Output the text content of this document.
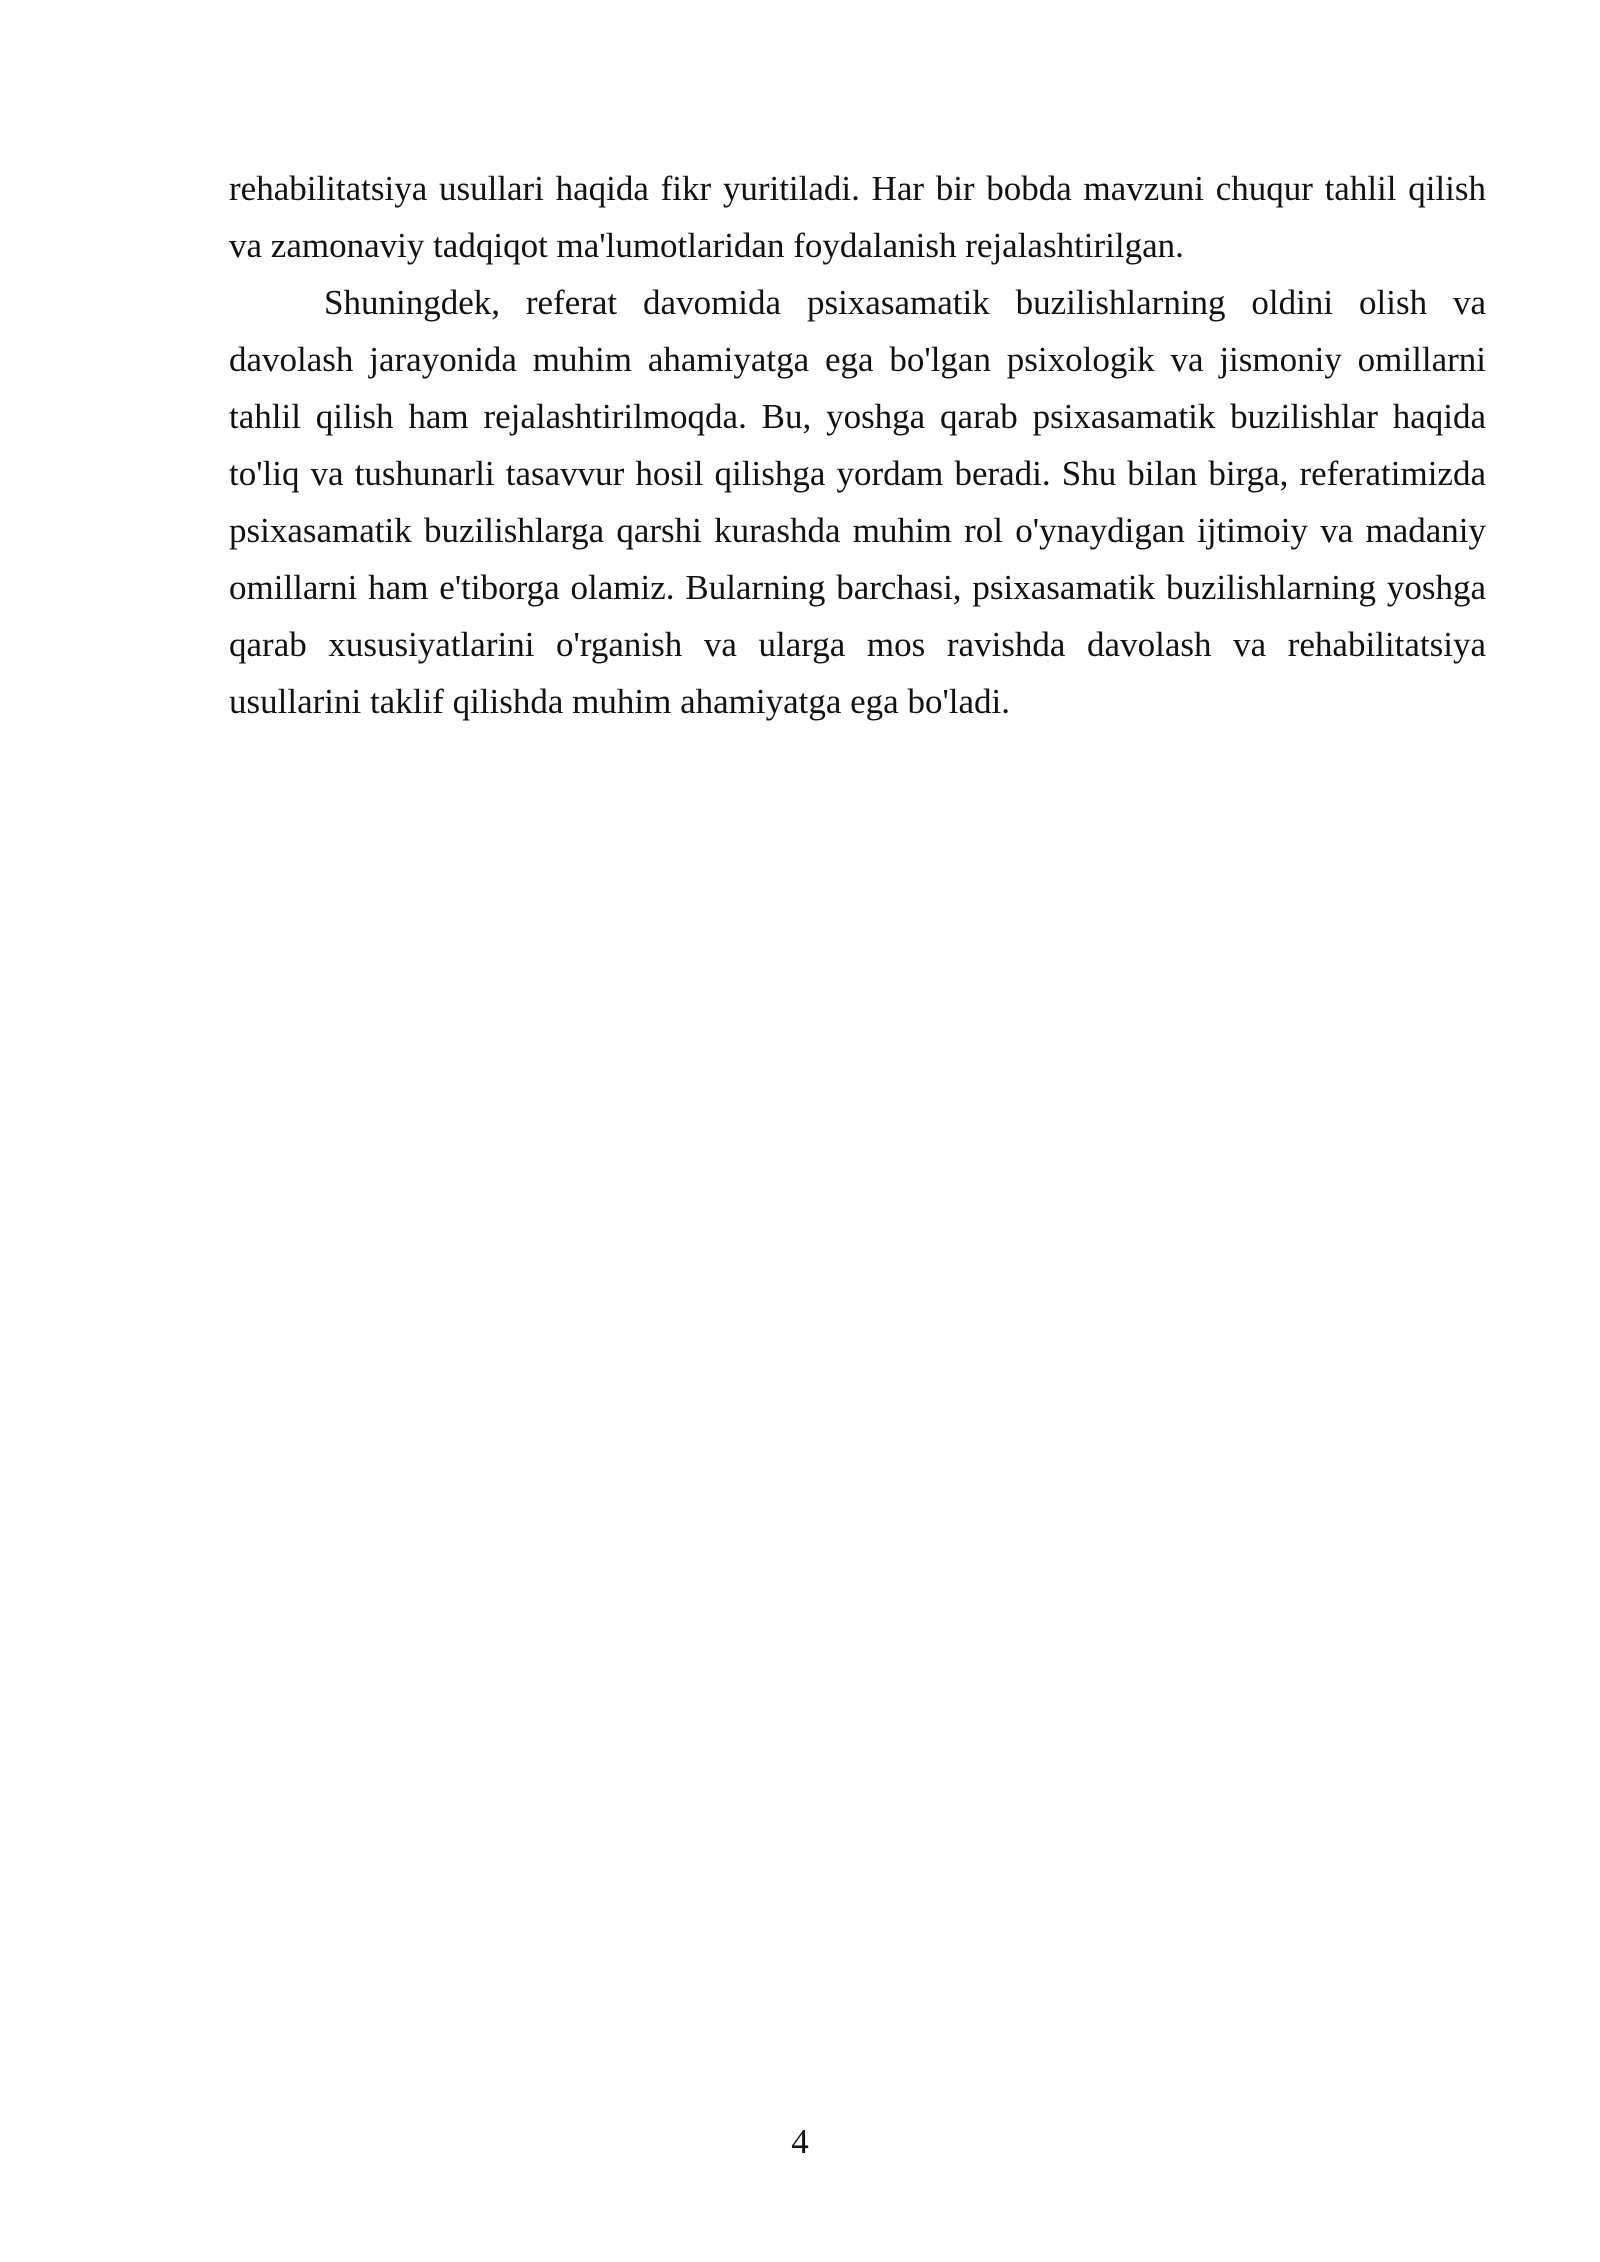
rehabilitatsiya usullari haqida fikr yuritiladi. Har bir bobda mavzuni chuqur tahlil qilish va zamonaviy tadqiqot ma'lumotlaridan foydalanish rejalashtirilgan.

Shuningdek, referat davomida psixasamatik buzilishlarning oldini olish va davolash jarayonida muhim ahamiyatga ega bo'lgan psixologik va jismoniy omillarni tahlil qilish ham rejalashtirilmoqda. Bu, yoshga qarab psixasamatik buzilishlar haqida to'liq va tushunarli tasavvur hosil qilishga yordam beradi. Shu bilan birga, referatimizda psixasamatik buzilishlarga qarshi kurashda muhim rol o'ynaydigan ijtimoiy va madaniy omillarni ham e'tiborga olamiz. Bularning barchasi, psixasamatik buzilishlarning yoshga qarab xususiyatlarini o'rganish va ularga mos ravishda davolash va rehabilitatsiya usullarini taklif qilishda muhim ahamiyatga ega bo'ladi.

4
